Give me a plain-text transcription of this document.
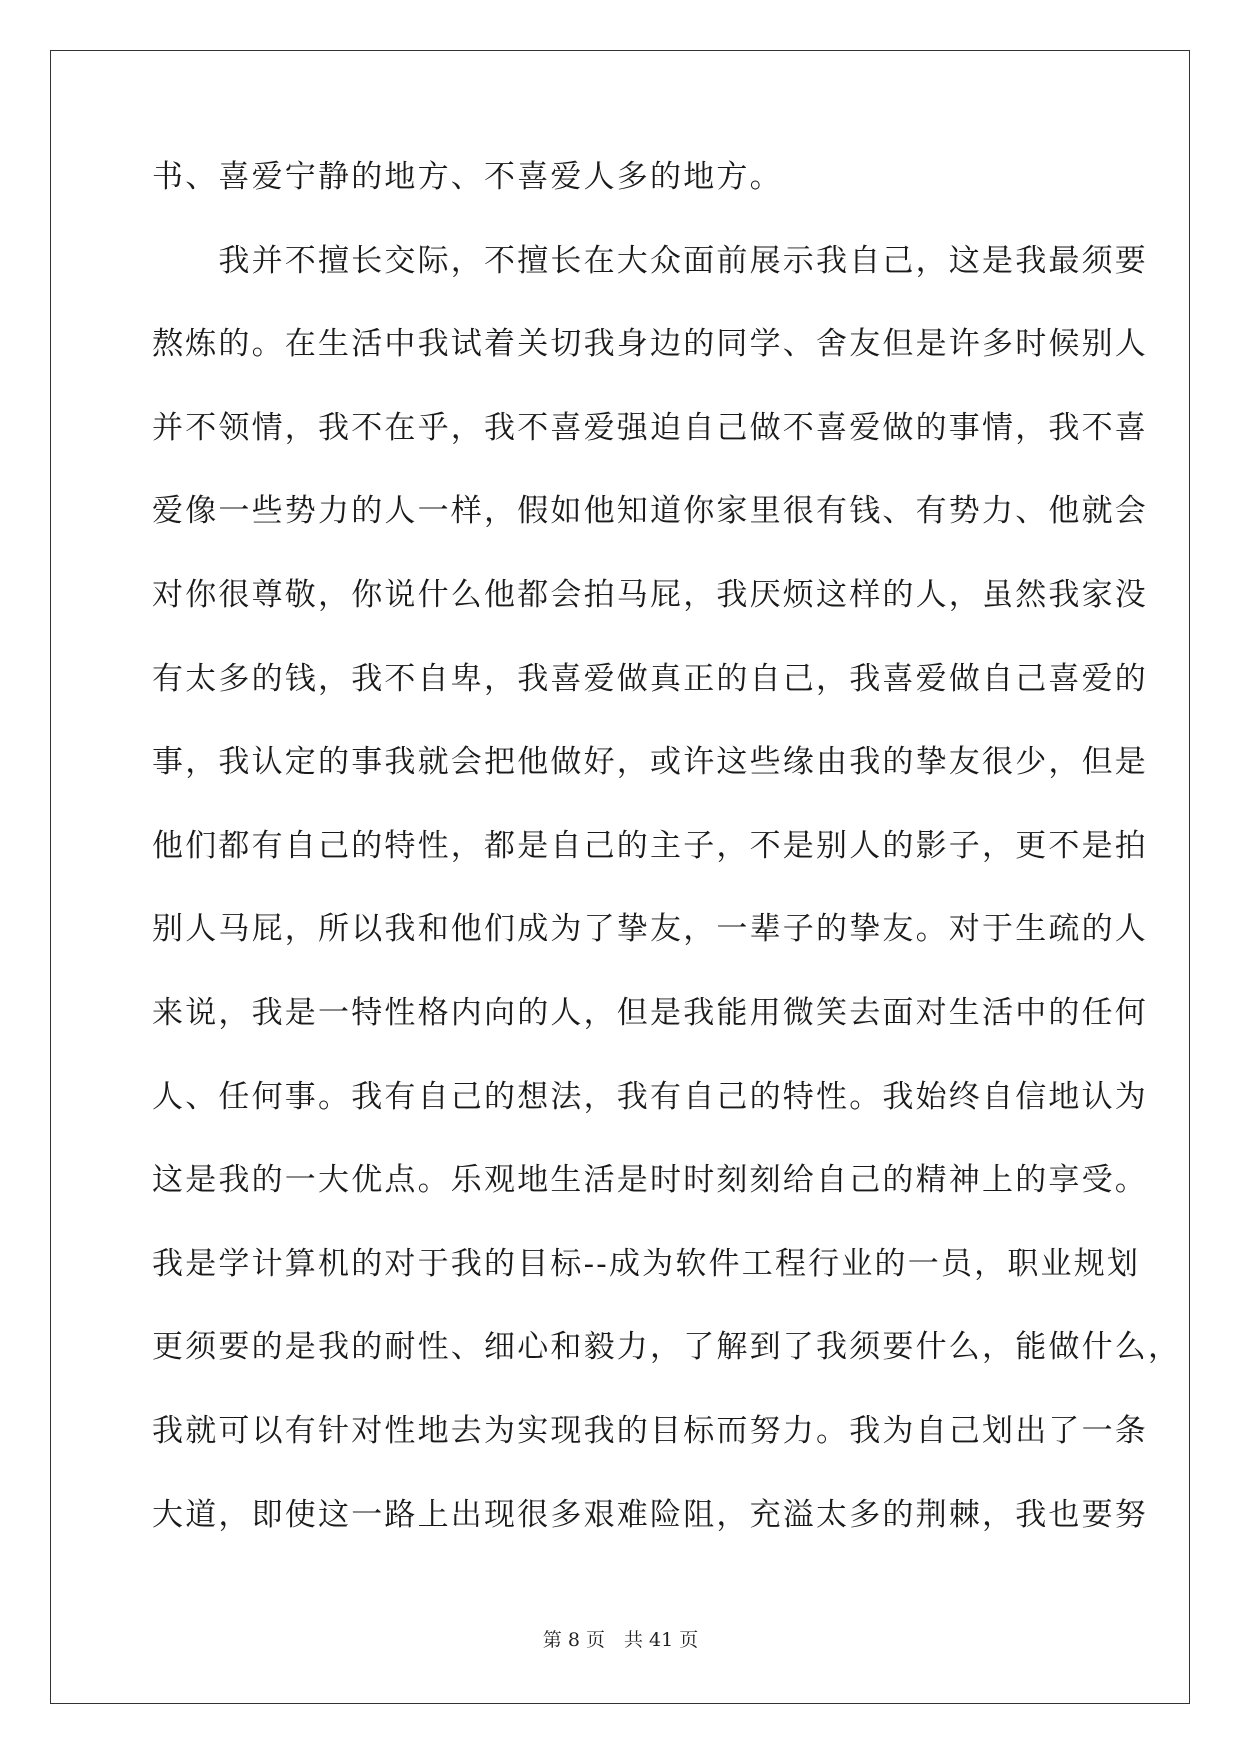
书、喜爱宁静的地方、不喜爱人多的地方。
　　我并不擅长交际，不擅长在大众面前展示我自己，这是我最须要
熬炼的。在生活中我试着关切我身边的同学、舍友但是许多时候别人
并不领情，我不在乎，我不喜爱强迫自己做不喜爱做的事情，我不喜
爱像一些势力的人一样，假如他知道你家里很有钱、有势力、他就会
对你很尊敬，你说什么他都会拍马屁，我厌烦这样的人，虽然我家没
有太多的钱，我不自卑，我喜爱做真正的自己，我喜爱做自己喜爱的
事，我认定的事我就会把他做好，或许这些缘由我的挚友很少，但是
他们都有自己的特性，都是自己的主子，不是别人的影子，更不是拍
别人马屁，所以我和他们成为了挚友，一辈子的挚友。对于生疏的人
来说，我是一特性格内向的人，但是我能用微笑去面对生活中的任何
人、任何事。我有自己的想法，我有自己的特性。我始终自信地认为
这是我的一大优点。乐观地生活是时时刻刻给自己的精神上的享受。
我是学计算机的对于我的目标--成为软件工程行业的一员，职业规划
更须要的是我的耐性、细心和毅力，了解到了我须要什么，能做什么，
我就可以有针对性地去为实现我的目标而努力。我为自己划出了一条
大道，即使这一路上出现很多艰难险阻，充溢太多的荆棘，我也要努
第 8 页　共 41 页
